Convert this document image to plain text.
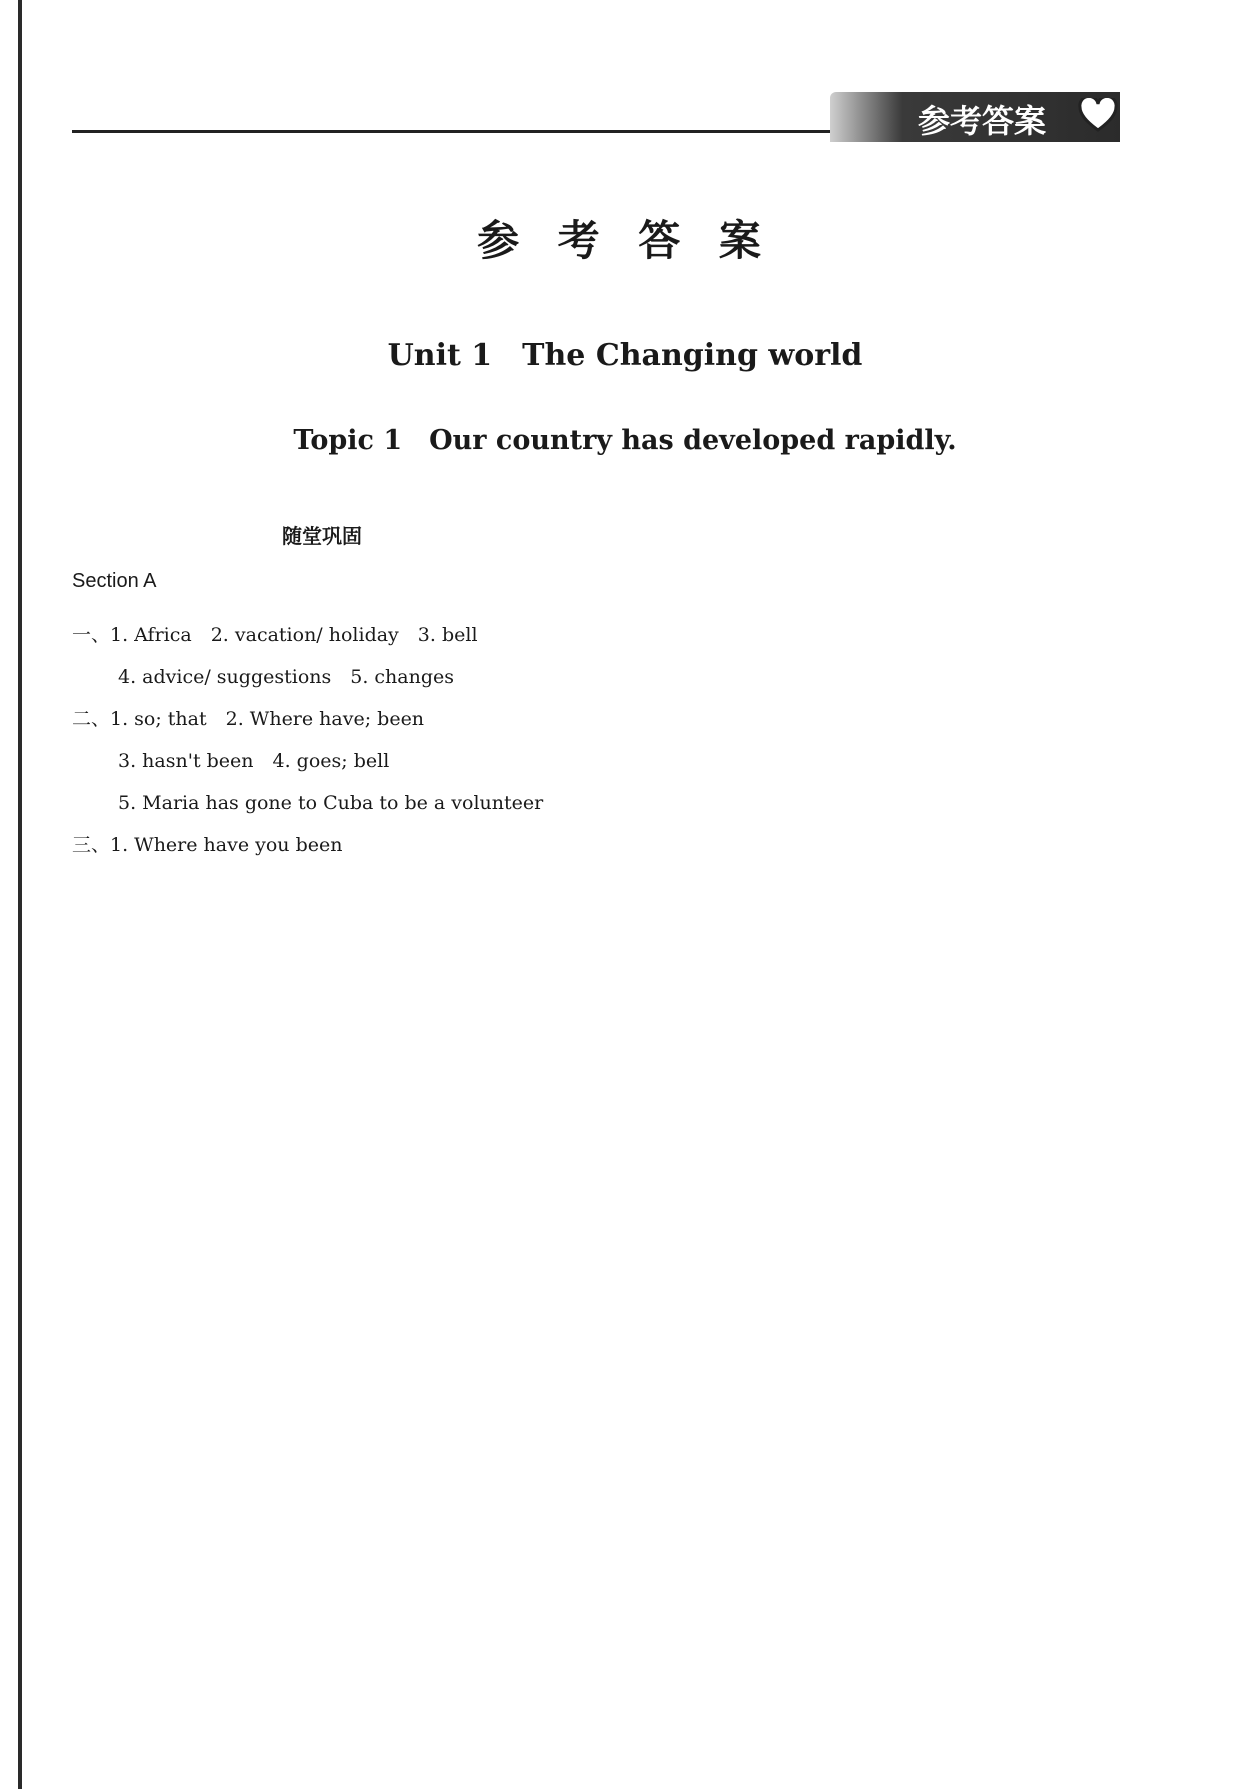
参考答案
参 考 答 案
Unit 1　The Changing world
Topic 1　Our country has developed rapidly.
随堂巩固
Section A
一、1. Africa　2. vacation/ holiday　3. bell
4. advice/ suggestions　5. changes
二、1. so; that　2. Where have; been
3. hasn't been　4. goes; bell
5. Maria has gone to Cuba to be a volunteer
三、1. Where have you been
